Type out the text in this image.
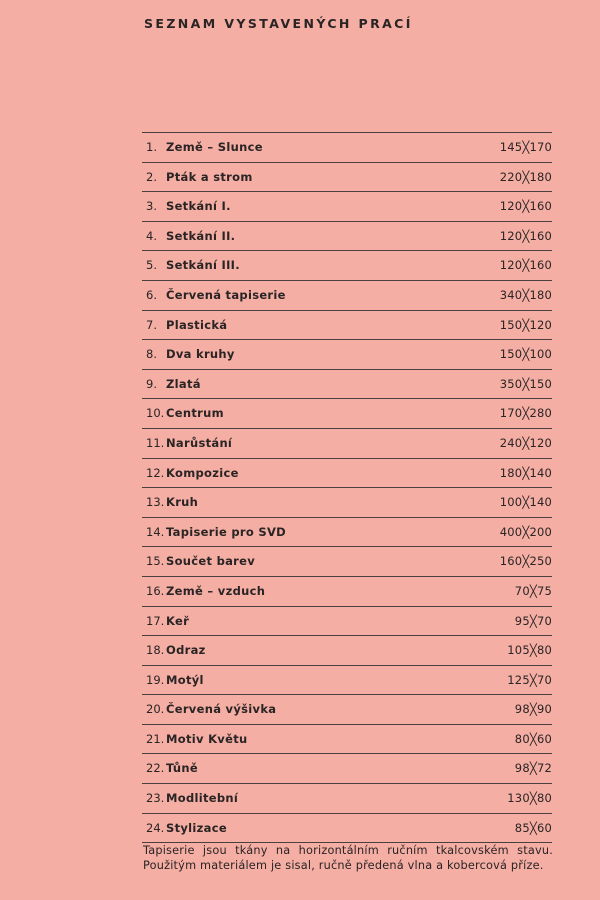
SEZNAM VYSTAVENÝCH PRACÍ
1. Země – Slunce	145╳170
2. Pták a strom	220╳180
3. Setkání I.	120╳160
4. Setkání II.	120╳160
5. Setkání III.	120╳160
6. Červená tapiserie	340╳180
7. Plastická	150╳120
8. Dva kruhy	150╳100
9. Zlatá	350╳150
10. Centrum	170╳280
11. Narůstání	240╳120
12. Kompozice	180╳140
13. Kruh	100╳140
14. Tapiserie pro SVD	400╳200
15. Součet barev	160╳250
16. Země – vzduch	70╳75
17. Keř	95╳70
18. Odraz	105╳80
19. Motýl	125╳70
20. Červená výšivka	98╳90
21. Motiv Květu	80╳60
22. Tůně	98╳72
23. Modlitební	130╳80
24. Stylizace	85╳60
Tapiserie jsou tkány na horizontálním ručním tkalcovském stavu. Použitým materiálem je sisal, ručně předená vlna a kobercová příze.
